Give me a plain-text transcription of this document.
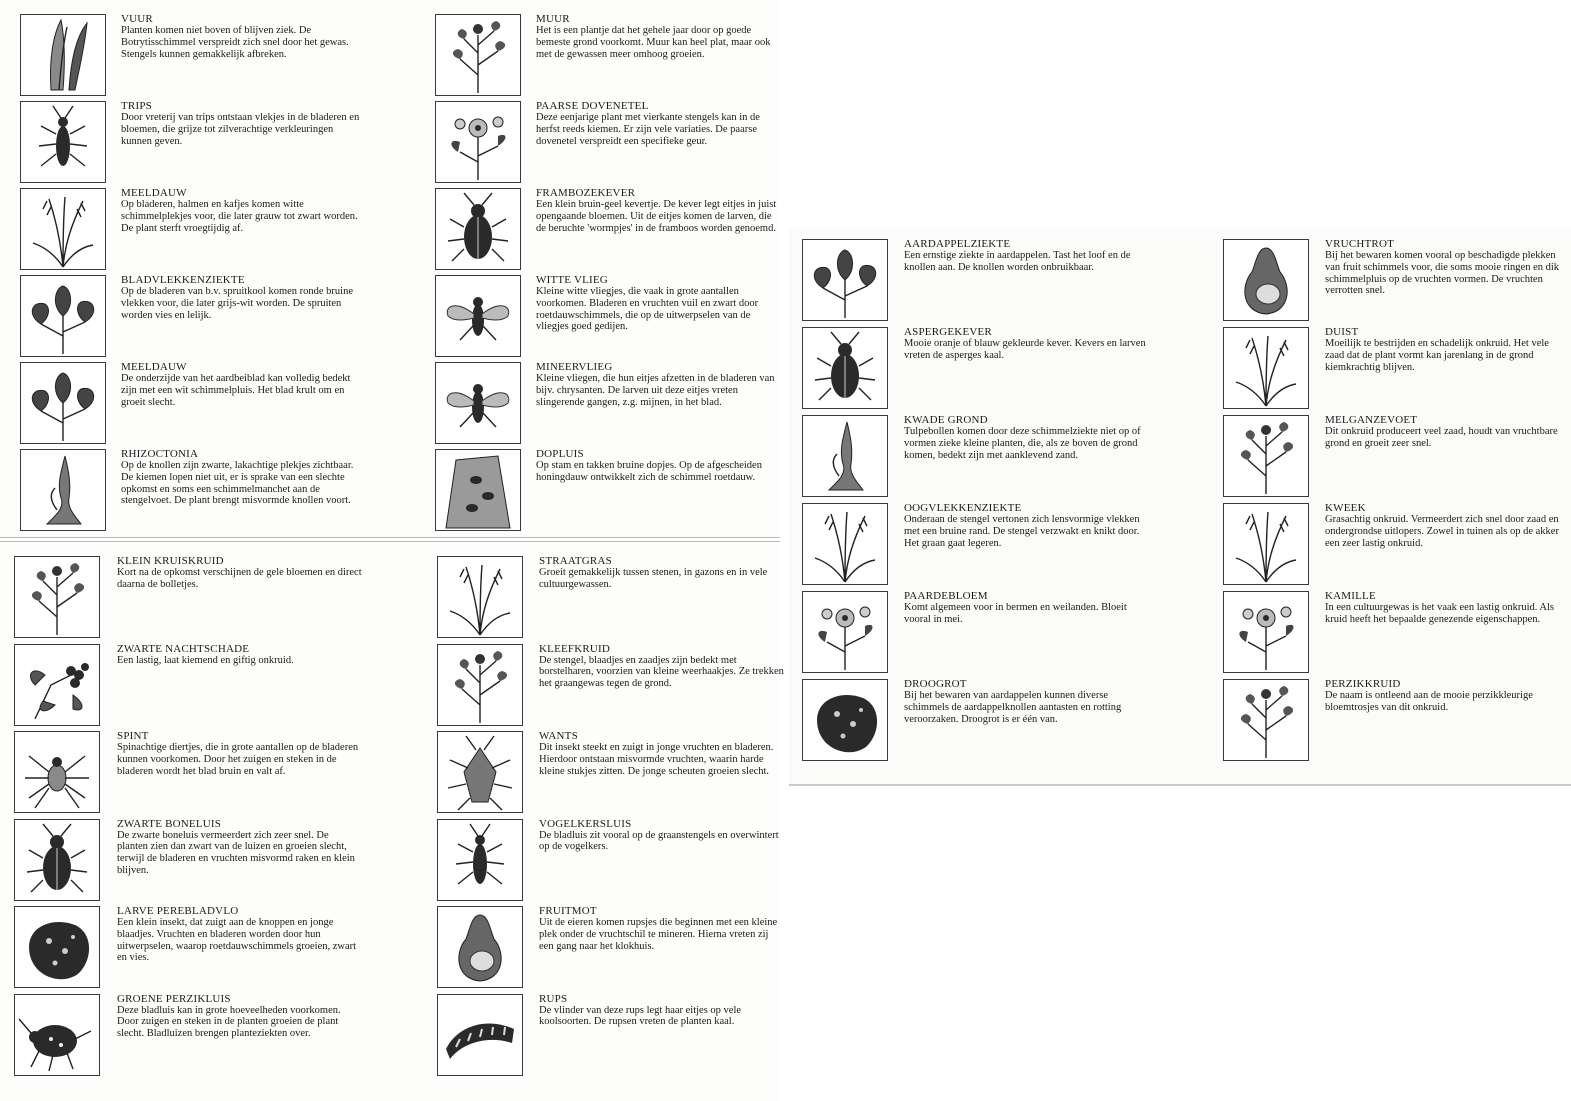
VUUR
Planten komen niet boven of blijven ziek. De Botrytisschimmel verspreidt zich snel door het gewas. Stengels kunnen gemakkelijk afbreken.
TRIPS
Door vreterij van trips ontstaan vlekjes in de bladeren en bloemen, die grijze tot zilverachtige verkleuringen kunnen geven.
MEELDAUW
Op bladeren, halmen en kafjes komen witte schimmelplekjes voor, die later grauw tot zwart worden. De plant sterft vroegtijdig af.
BLADVLEKKENZIEKTE
Op de bladeren van b.v. spruitkool komen ronde bruine vlekken voor, die later grijs-wit worden. De spruiten worden vies en lelijk.
MEELDAUW
De onderzijde van het aardbeiblad kan volledig bedekt zijn met een wit schimmelpluis. Het blad krult om en groeit slecht.
RHIZOCTONIA
Op de knollen zijn zwarte, lakachtige plekjes zichtbaar. De kiemen lopen niet uit, er is sprake van een slechte opkomst en soms een schimmelmanchet aan de stengelvoet. De plant brengt misvormde knollen voort.
MUUR
Het is een plantje dat het gehele jaar door op goede bemeste grond voorkomt. Muur kan heel plat, maar ook met de gewassen meer omhoog groeien.
PAARSE DOVENETEL
Deze eenjarige plant met vierkante stengels kan in de herfst reeds kiemen. Er zijn vele variaties. De paarse dovenetel verspreidt een specifieke geur.
FRAMBOZEKEVER
Een klein bruin-geel kevertje. De kever legt eitjes in juist opengaande bloemen. Uit de eitjes komen de larven, die de beruchte 'wormpjes' in de framboos worden genoemd.
WITTE VLIEG
Kleine witte vliegjes, die vaak in grote aantallen voorkomen. Bladeren en vruchten vuil en zwart door roetdauwschimmels, die op de uitwerpselen van de vliegjes goed gedijen.
MINEERVLIEG
Kleine vliegen, die hun eitjes afzetten in de bladeren van bijv. chrysanten. De larven uit deze eitjes vreten slingerende gangen, z.g. mijnen, in het blad.
DOPLUIS
Op stam en takken bruine dopjes. Op de afgescheiden honingdauw ontwikkelt zich de schimmel roetdauw.
KLEIN KRUISKRUID
Kort na de opkomst verschijnen de gele bloemen en direct daarna de bolletjes.
ZWARTE NACHTSCHADE
Een lastig, laat kiemend en giftig onkruid.
SPINT
Spinachtige diertjes, die in grote aantallen op de bladeren kunnen voorkomen. Door het zuigen en steken in de bladeren wordt het blad bruin en valt af.
ZWARTE BONELUIS
De zwarte boneluis vermeerdert zich zeer snel. De planten zien dan zwart van de luizen en groeien slecht, terwijl de bladeren en vruchten misvormd raken en klein blijven.
LARVE PEREBLADVLO
Een klein insekt, dat zuigt aan de knoppen en jonge blaadjes. Vruchten en bladeren worden door hun uitwerpselen, waarop roetdauwschimmels groeien, zwart en vies.
GROENE PERZIKLUIS
Deze bladluis kan in grote hoeveelheden voorkomen. Door zuigen en steken in de planten groeien de plant slecht. Bladluizen brengen planteziekten over.
STRAATGRAS
Groeit gemakkelijk tussen stenen, in gazons en in vele cultuurgewassen.
KLEEFKRUID
De stengel, blaadjes en zaadjes zijn bedekt met borstelharen, voorzien van kleine weerhaakjes. Ze trekken het graangewas tegen de grond.
WANTS
Dit insekt steekt en zuigt in jonge vruchten en bladeren. Hierdoor ontstaan misvormde vruchten, waarin harde kleine stukjes zitten. De jonge scheuten groeien slecht.
VOGELKERSLUIS
De bladluis zit vooral op de graanstengels en overwintert op de vogelkers.
FRUITMOT
Uit de eieren komen rupsjes die beginnen met een kleine plek onder de vruchtschil te mineren. Hierna vreten zij een gang naar het klokhuis.
RUPS
De vlinder van deze rups legt haar eitjes op vele koolsoorten. De rupsen vreten de planten kaal.
AARDAPPELZIEKTE
Een ernstige ziekte in aardappelen. Tast het loof en de knollen aan. De knollen worden onbruikbaar.
ASPERGEKEVER
Mooie oranje of blauw gekleurde kever. Kevers en larven vreten de asperges kaal.
KWADE GROND
Tulpebollen komen door deze schimmelziekte niet op of vormen zieke kleine planten, die, als ze boven de grond komen, bedekt zijn met aanklevend zand.
OOGVLEKKENZIEKTE
Onderaan de stengel vertonen zich lensvormige vlekken met een bruine rand. De stengel verzwakt en knikt door. Het graan gaat legeren.
PAARDEBLOEM
Komt algemeen voor in bermen en weilanden. Bloeit vooral in mei.
DROOGROT
Bij het bewaren van aardappelen kunnen diverse schimmels de aardappelknollen aantasten en rotting veroorzaken. Droogrot is er één van.
VRUCHTROT
Bij het bewaren komen vooral op beschadigde plekken van fruit schimmels voor, die soms mooie ringen en dik schimmelpluis op de vruchten vormen. De vruchten verrotten snel.
DUIST
Moeilijk te bestrijden en schadelijk onkruid. Het vele zaad dat de plant vormt kan jarenlang in de grond kiemkrachtig blijven.
MELGANZEVOET
Dit onkruid produceert veel zaad, houdt van vruchtbare grond en groeit zeer snel.
KWEEK
Grasachtig onkruid. Vermeerdert zich snel door zaad en ondergrondse uitlopers. Zowel in tuinen als op de akker een zeer lastig onkruid.
KAMILLE
In een cultuurgewas is het vaak een lastig onkruid. Als kruid heeft het bepaalde genezende eigenschappen.
PERZIKKRUID
De naam is ontleend aan de mooie perzikkleurige bloemtrosjes van dit onkruid.
